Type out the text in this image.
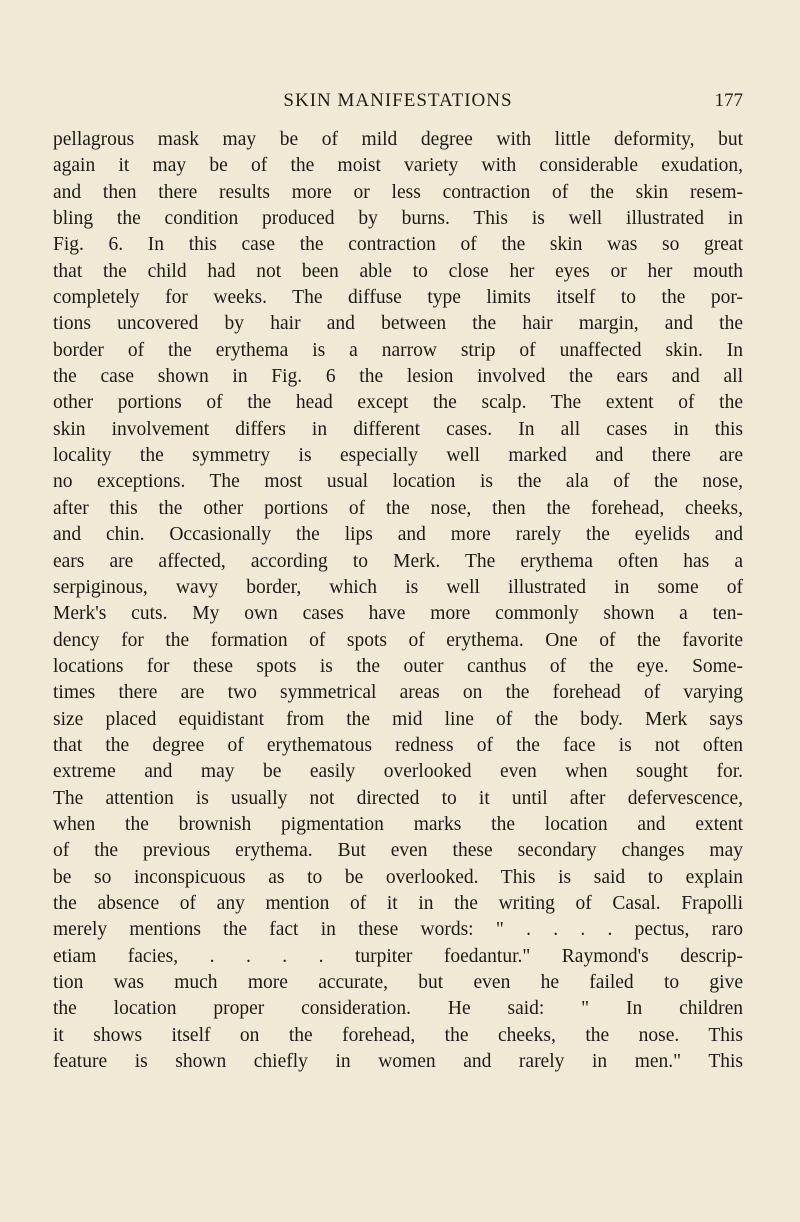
SKIN MANIFESTATIONS	177
pellagrous mask may be of mild degree with little deformity, but
again it may be of the moist variety with considerable exudation,
and then there results more or less contraction of the skin resem-
bling the condition produced by burns. This is well illustrated in
Fig. 6. In this case the contraction of the skin was so great
that the child had not been able to close her eyes or her mouth
completely for weeks. The diffuse type limits itself to the por-
tions uncovered by hair and between the hair margin, and the
border of the erythema is a narrow strip of unaffected skin. In
the case shown in Fig. 6 the lesion involved the ears and all
other portions of the head except the scalp. The extent of the
skin involvement differs in different cases. In all cases in this
locality the symmetry is especially well marked and there are
no exceptions. The most usual location is the ala of the nose,
after this the other portions of the nose, then the forehead, cheeks,
and chin. Occasionally the lips and more rarely the eyelids and
ears are affected, according to Merk. The erythema often has a
serpiginous, wavy border, which is well illustrated in some of
Merk's cuts. My own cases have more commonly shown a ten-
dency for the formation of spots of erythema. One of the favorite
locations for these spots is the outer canthus of the eye. Some-
times there are two symmetrical areas on the forehead of varying
size placed equidistant from the mid line of the body. Merk says
that the degree of erythematous redness of the face is not often
extreme and may be easily overlooked even when sought for.
The attention is usually not directed to it until after defervescence,
when the brownish pigmentation marks the location and extent
of the previous erythema. But even these secondary changes may
be so inconspicuous as to be overlooked. This is said to explain
the absence of any mention of it in the writing of Casal. Frapolli
merely mentions the fact in these words: " . . . . pectus, raro
etiam facies, . . . . turpiter foedantur." Raymond's descrip-
tion was much more accurate, but even he failed to give
the location proper consideration. He said: " In children
it shows itself on the forehead, the cheeks, the nose. This
feature is shown chiefly in women and rarely in men." This
